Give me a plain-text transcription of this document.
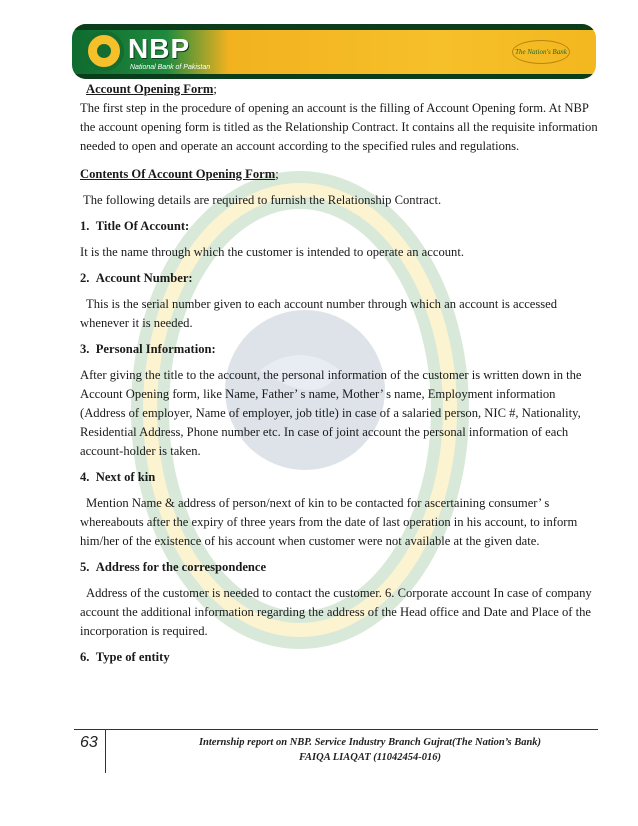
NBP
National Bank of Pakistan
The Nation's Bank

Account Opening Form;

The first step in the procedure of opening an account is the filling of Account Opening form. At NBP the account opening form is titled as the Relationship Contract. It contains all the requisite information needed to open and operate an account according to the specified rules and regulations.

Contents Of Account Opening Form;

The following details are required to furnish the Relationship Contract.

1. Title Of Account:

It is the name through which the customer is intended to operate an account.

2. Account Number:

This is the serial number given to each account number through which an account is accessed whenever it is needed.

3. Personal Information:

After giving the title to the account, the personal information of the customer is written down in the Account Opening form, like Name, Father’ s name, Mother’ s name, Employment information (Address of employer, Name of employer, job title) in case of a salaried person, NIC #, Nationality, Residential Address, Phone number etc. In case of joint account the personal information of each account-holder is taken.

4. Next of kin

Mention Name & address of person/next of kin to be contacted for ascertaining consumer’ s whereabouts after the expiry of three years from the date of last operation in his account, to inform him/her of the existence of his account when customer were not available at the given date.

5. Address for the correspondence

Address of the customer is needed to contact the customer. 6. Corporate account In case of company account the additional information regarding the address of the Head office and Date and Place of the incorporation is required.

6. Type of entity

63	Internship report on NBP. Service Industry Branch Gujrat(The Nation’s Bank)
FAIQA LIAQAT (11042454-016)
